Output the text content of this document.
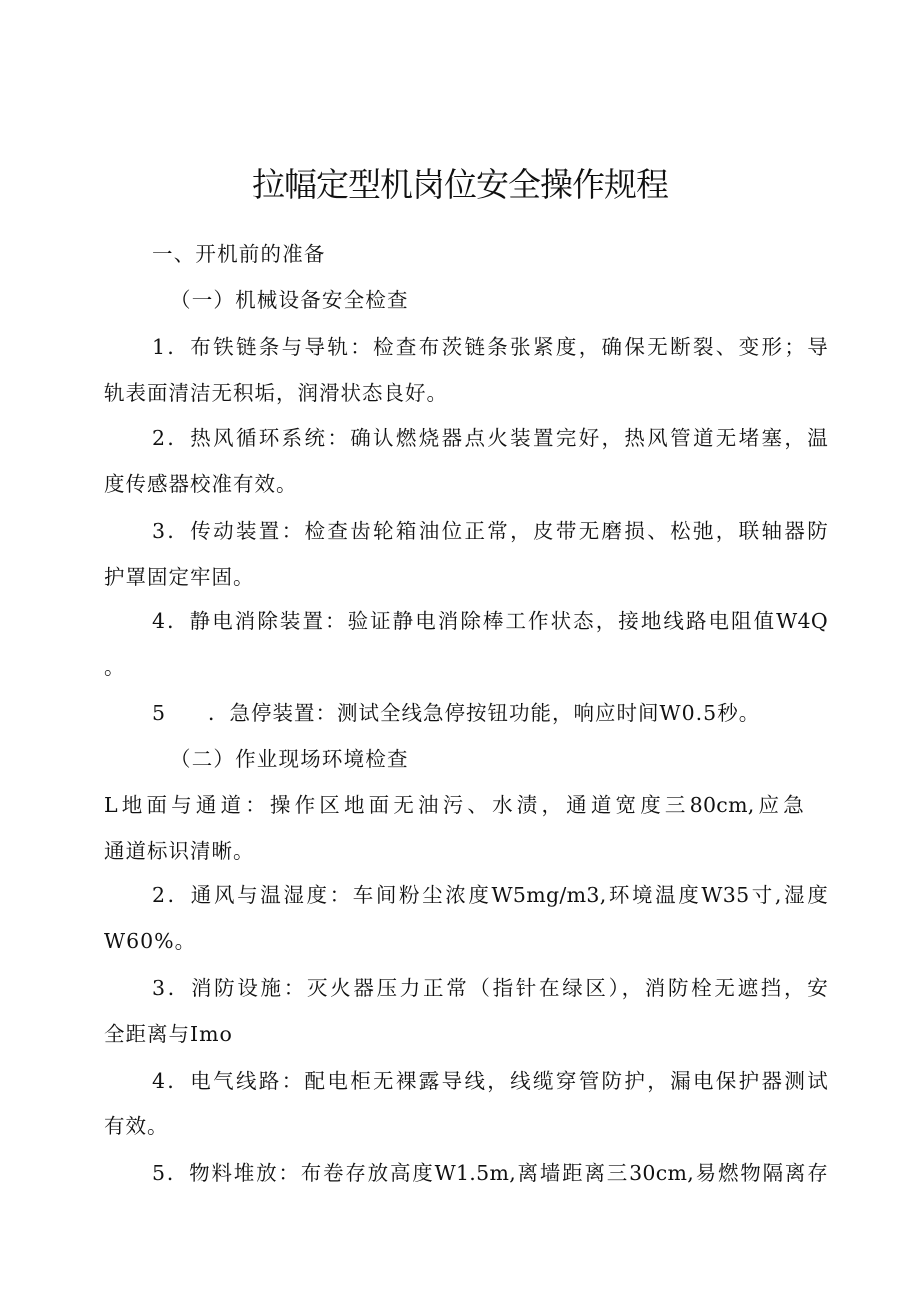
拉幅定型机岗位安全操作规程
一、开机前的准备
（一）机械设备安全检查
1．布铁链条与导轨：检查布茨链条张紧度，确保无断裂、变形；导
轨表面清洁无积垢，润滑状态良好。
2．热风循环系统：确认燃烧器点火装置完好，热风管道无堵塞，温
度传感器校准有效。
3．传动装置：检查齿轮箱油位正常，皮带无磨损、松弛，联轴器防
护罩固定牢固。
4．静电消除装置：验证静电消除棒工作状态，接地线路电阻值W4Q
。
5 ．急停装置：测试全线急停按钮功能，响应时间W0.5秒。
（二）作业现场环境检查
L地面与通道：操作区地面无油污、水渍，通道宽度三80cm,应急
通道标识清晰。
2．通风与温湿度：车间粉尘浓度W5mg∕m3,环境温度W35寸,湿度
W60%。
3．消防设施：灭火器压力正常（指针在绿区），消防栓无遮挡，安
全距离与Imo
4．电气线路：配电柜无裸露导线，线缆穿管防护，漏电保护器测试
有效。
5．物料堆放：布卷存放高度W1.5m,离墙距离三30cm,易燃物隔离存
